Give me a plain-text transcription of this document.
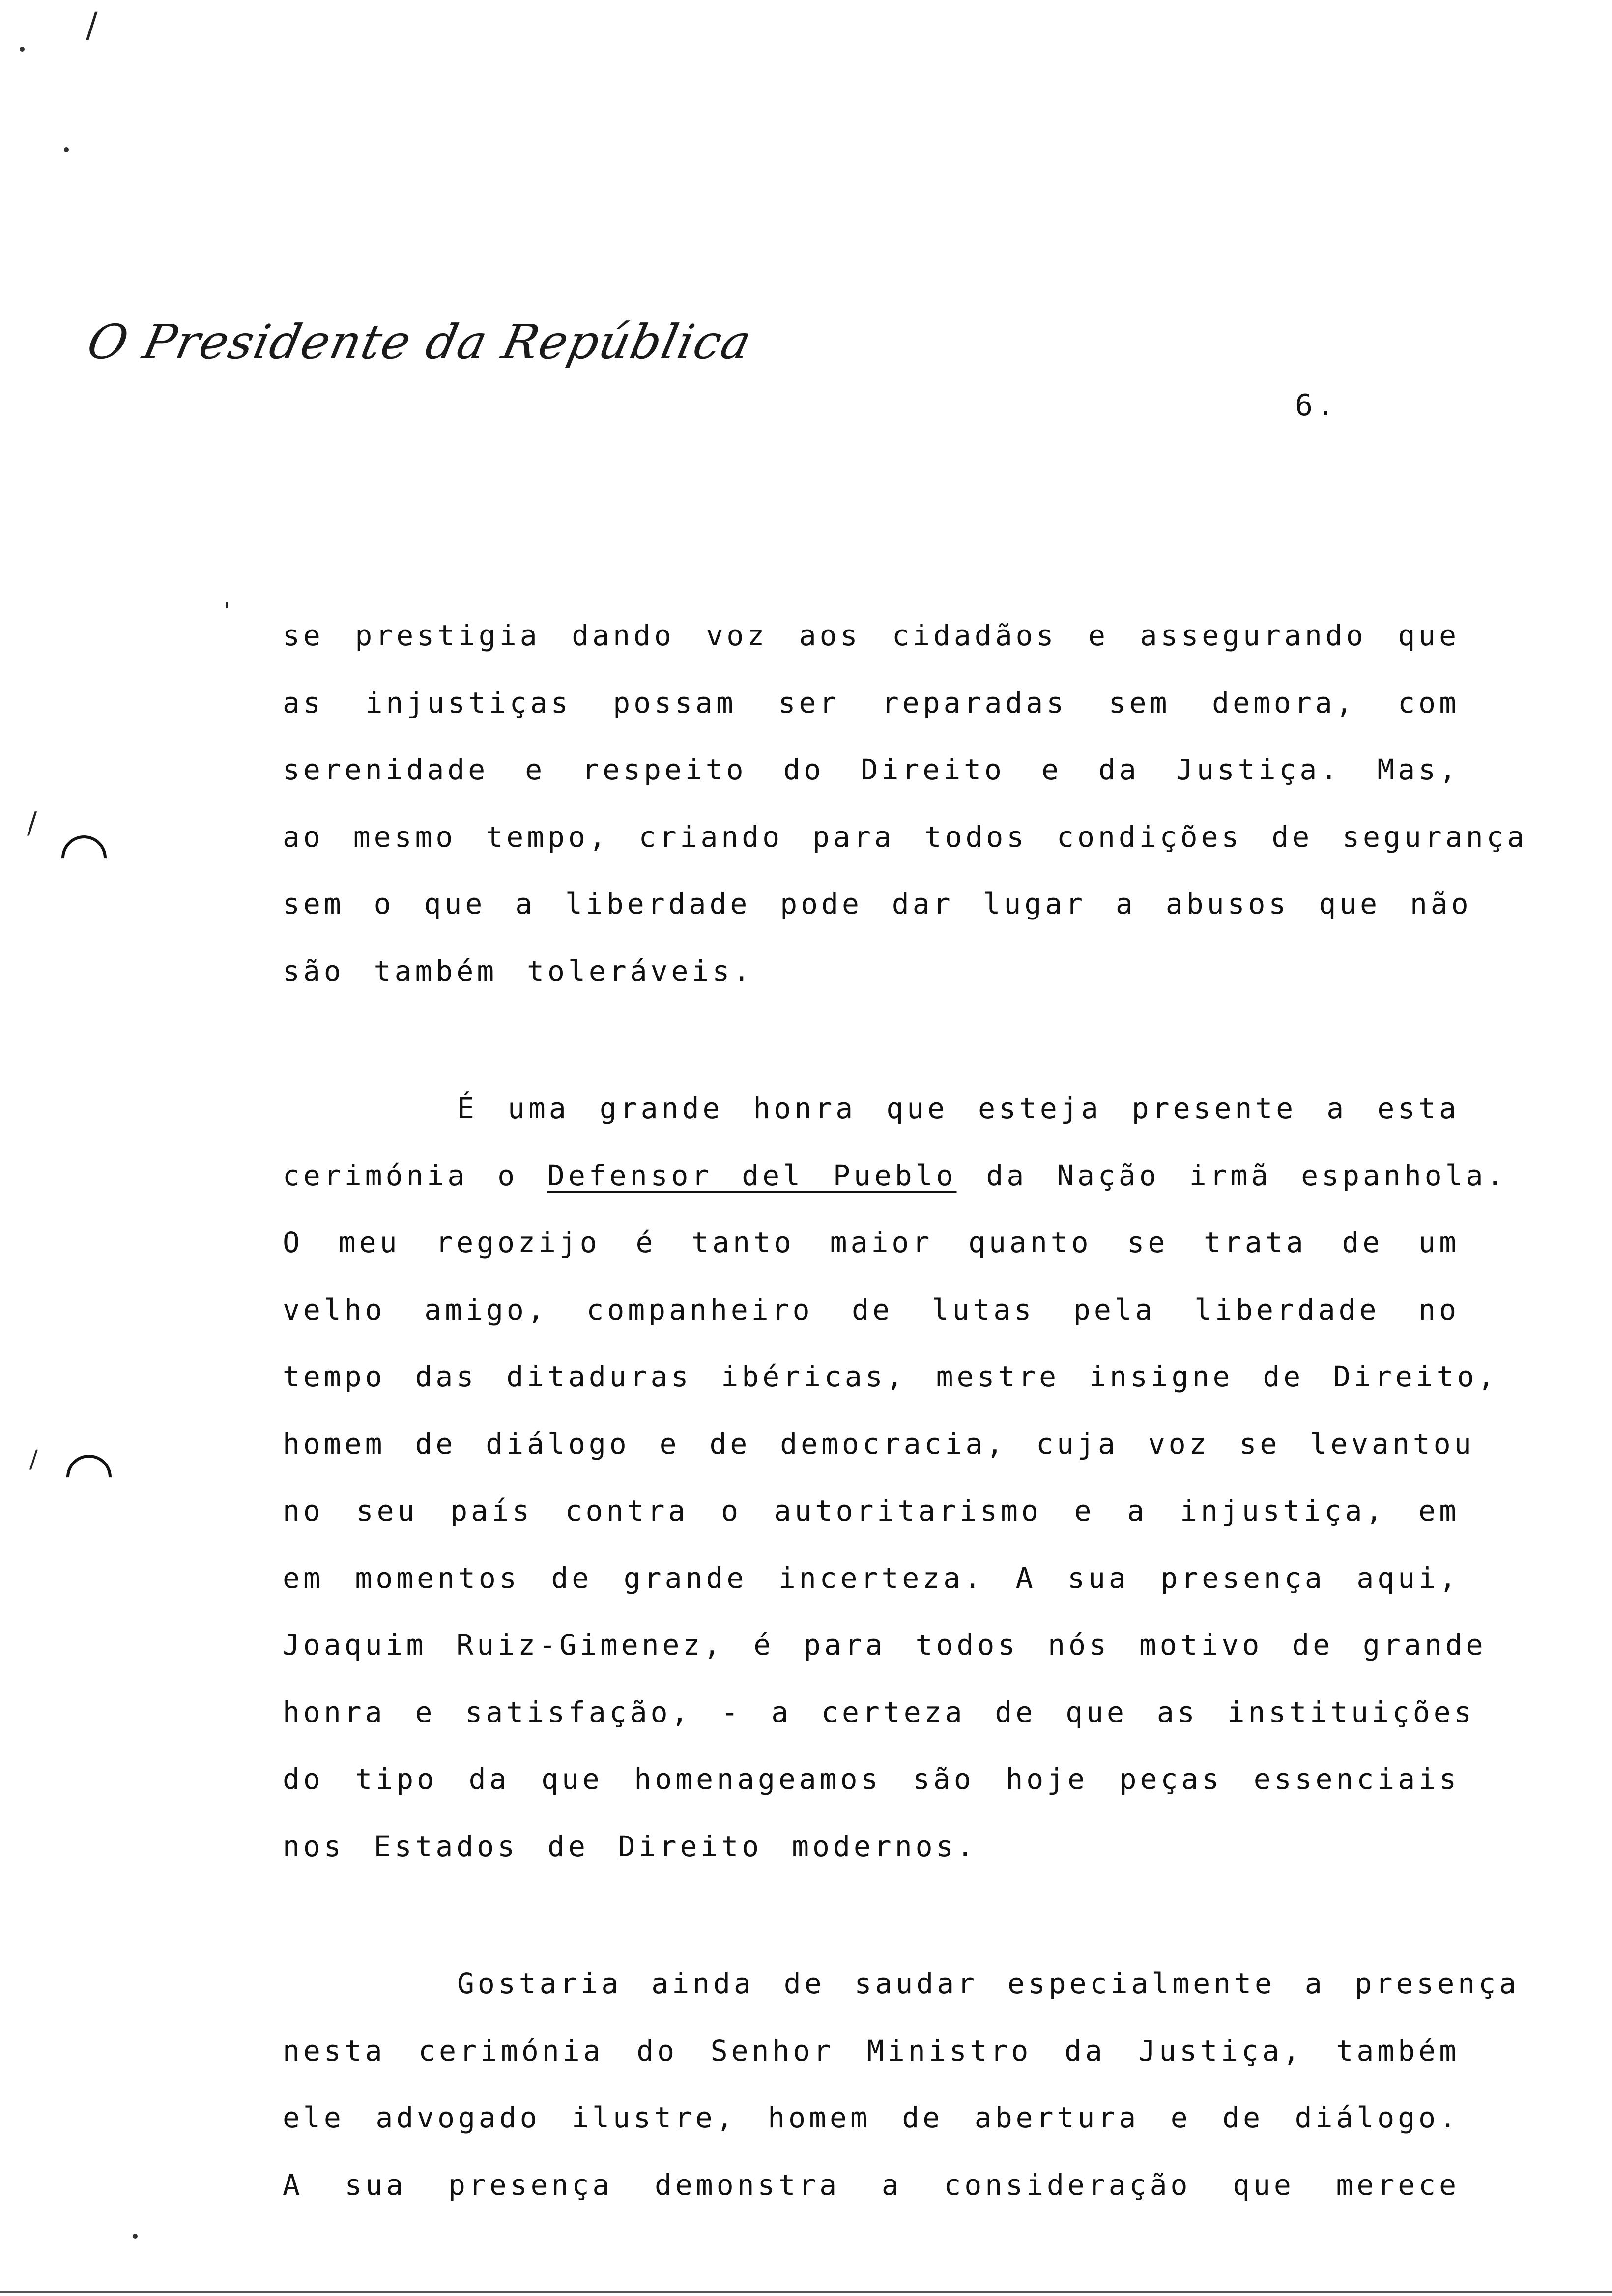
/
/
/
'
O Presidente da República
6.
se prestigia dando voz aos cidadãos e assegurando que
as injustiças possam ser reparadas sem demora, com
serenidade e respeito do Direito e da Justiça. Mas,
ao mesmo tempo, criando para todos condições de segurança
sem o que a liberdade pode dar lugar a abusos que não
são também toleráveis.
É uma grande honra que esteja presente a esta
cerimónia o Defensor del Pueblo da Nação irmã espanhola.
O meu regozijo é tanto maior quanto se trata de um
velho amigo, companheiro de lutas pela liberdade no
tempo das ditaduras ibéricas, mestre insigne de Direito,
homem de diálogo e de democracia, cuja voz se levantou
no seu país contra o autoritarismo e a injustiça, em
em momentos de grande incerteza. A sua presença aqui,
Joaquim Ruiz-Gimenez, é para todos nós motivo de grande
honra e satisfação, - a certeza de que as instituições
do tipo da que homenageamos são hoje peças essenciais
nos Estados de Direito modernos.
Gostaria ainda de saudar especialmente a presença
nesta cerimónia do Senhor Ministro da Justiça, também
ele advogado ilustre, homem de abertura e de diálogo.
A sua presença demonstra a consideração que merece
